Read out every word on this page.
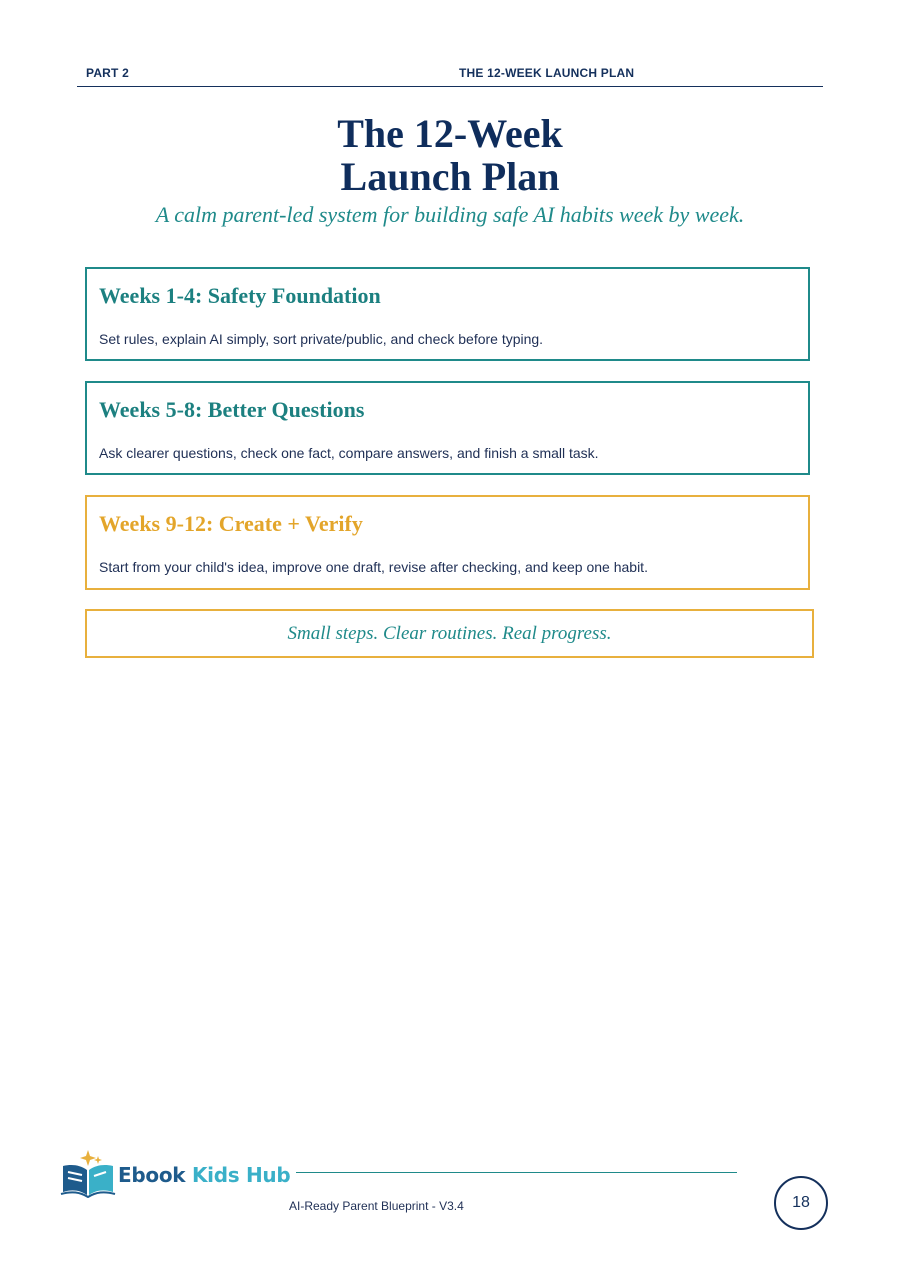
PART 2	THE 12-WEEK LAUNCH PLAN
The 12-Week
Launch Plan
A calm parent-led system for building safe AI habits week by week.
Weeks 1-4: Safety Foundation
Set rules, explain AI simply, sort private/public, and check before typing.
Weeks 5-8: Better Questions
Ask clearer questions, check one fact, compare answers, and finish a small task.
Weeks 9-12: Create + Verify
Start from your child's idea, improve one draft, revise after checking, and keep one habit.
Small steps. Clear routines. Real progress.
Ebook Kids Hub
AI-Ready Parent Blueprint - V3.4	18
